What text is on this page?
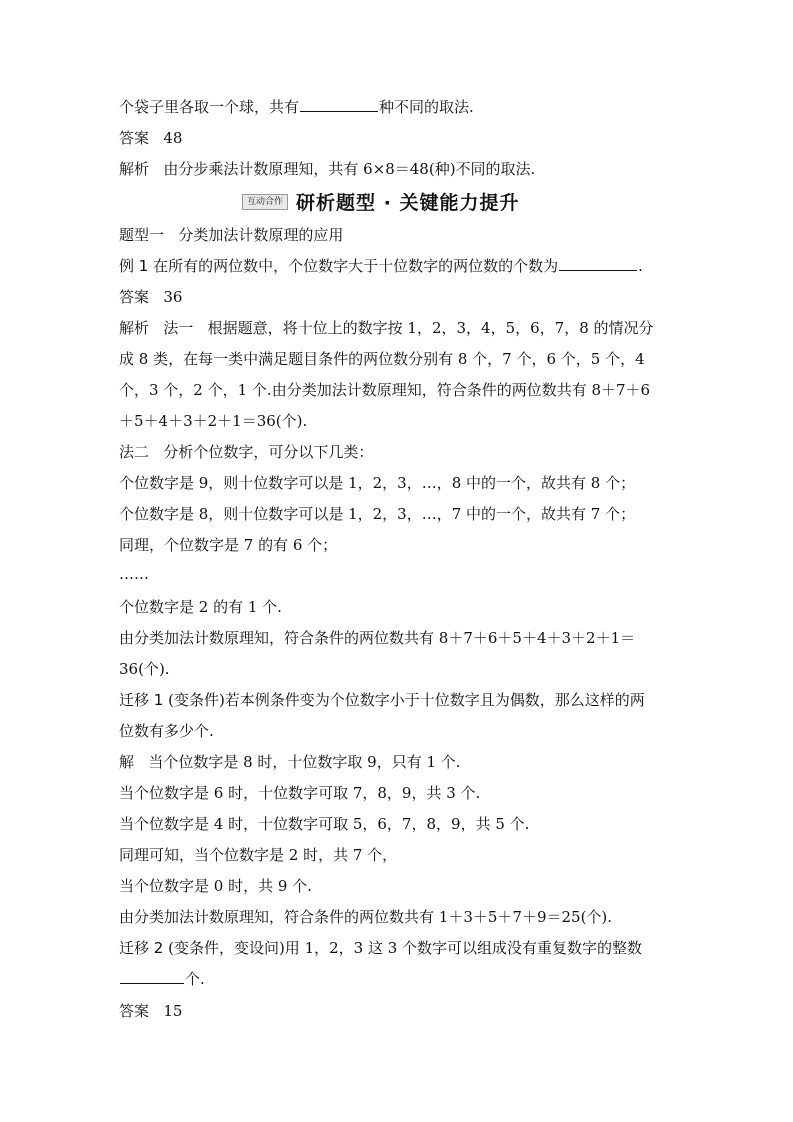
个袋子里各取一个球，共有	种不同的取法.
答案 48
解析 由分步乘法计数原理知，共有 6×8＝48(种)不同的取法.
互动合作 研析题型 · 关键能力提升
题型一 分类加法计数原理的应用
例 1 在所有的两位数中，个位数字大于十位数字的两位数的个数为	.
答案 36
解析 法一 根据题意，将十位上的数字按 1，2，3，4，5，6，7，8 的情况分
成 8 类，在每一类中满足题目条件的两位数分别有 8 个，7 个，6 个，5 个，4
个，3 个，2 个，1 个.由分类加法计数原理知，符合条件的两位数共有 8＋7＋6
＋5＋4＋3＋2＋1＝36(个).
法二 分析个位数字，可分以下几类：
个位数字是 9，则十位数字可以是 1，2，3，…，8 中的一个，故共有 8 个；
个位数字是 8，则十位数字可以是 1，2，3，…，7 中的一个，故共有 7 个；
同理，个位数字是 7 的有 6 个；
……
个位数字是 2 的有 1 个.
由分类加法计数原理知，符合条件的两位数共有 8＋7＋6＋5＋4＋3＋2＋1＝
36(个).
迁移 1 (变条件)若本例条件变为个位数字小于十位数字且为偶数，那么这样的两
位数有多少个.
解 当个位数字是 8 时，十位数字取 9，只有 1 个.
当个位数字是 6 时，十位数字可取 7，8，9，共 3 个.
当个位数字是 4 时，十位数字可取 5，6，7，8，9，共 5 个.
同理可知，当个位数字是 2 时，共 7 个，
当个位数字是 0 时，共 9 个.
由分类加法计数原理知，符合条件的两位数共有 1＋3＋5＋7＋9＝25(个).
迁移 2 (变条件，变设问)用 1，2，3 这 3 个数字可以组成没有重复数字的整数
个.
答案 15
